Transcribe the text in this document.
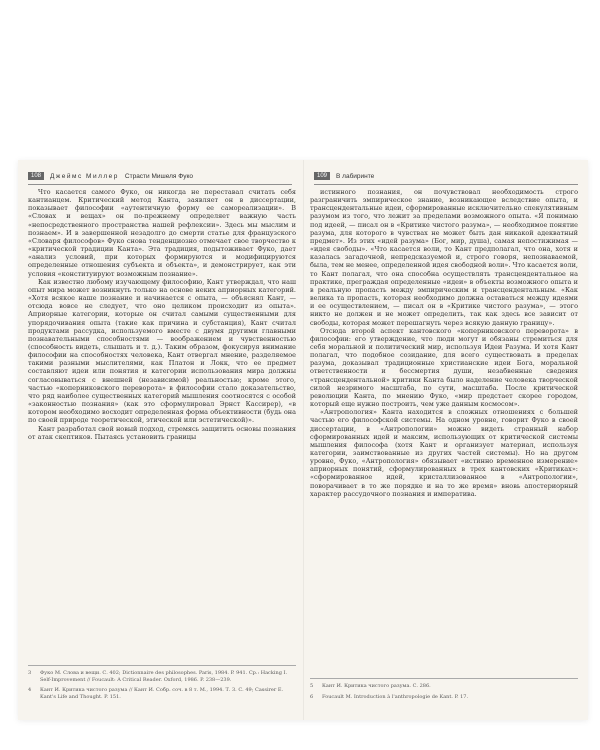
108	Джеймс Миллер Страсти Мишеля Фуко

Что касается самого Фуко, он никогда не переставал считать себя кантианцем. Критический метод Канта, заявляет он в диссертации, показывает философии «аутентичную форму ее самореализации». В «Словах и вещах» он по-прежнему определяет важную часть «непосредственного пространства нашей рефлексии». Здесь мы мыслим и познаем». И в завершенной незадолго до смерти статье для французского «Словаря философов» Фуко снова тенденциозно отмечает свое творчество к «критической традиции Канта». Эта традиция, подытоживает Фуко, дает «анализ условий, при которых формируются и модифицируются определенные отношения субъекта и объекта», и демонстрирует, как эти условия «конституируют возможным познание».

Как известно любому изучающему философию, Кант утверждал, что наш опыт мира может возникнуть только на основе неких априорных категорий. «Хотя всякое наше познание и начинается с опыта, — объяснял Кант, — отсюда вовсе не следует, что оно целиком происходит из опыта». Априорные категории, которые он считал самыми существенными для упорядочивания опыта (такие как причина и субстанция), Кант считал продуктами рассудка, используемого вместе с двумя другими главными познавательными способностями — воображением и чувственностью (способность видеть, слышать и т. д.). Таким образом, фокусируя внимание философии на способностях человека, Кант отвергал мнение, разделяемое такими разными мыслителями, как Платон и Локк, что ее предмет составляют идеи или понятия и категории использования мира должны согласовываться с внешней (независимой) реальностью; кроме этого, частью «коперниковского переворота» в философии стало доказательство, что ряд наиболее существенных категорий мышления соотносятся с особой «законностью познания» (как это сформулировал Эрнст Кассирер), «в котором необходимо восходит определенная форма объективности (будь она по своей природе теоретической, этической или эстетической)».

Кант разработал свой новый подход, стремясь защитить основы познания от атак скептиков. Пытаясь установить границы

3	Фуко М. Слова и вещи. С. 402; Dictionnaire des philosophes. Paris, 1984. P. 941. Cp.: Hacking I. Self-Improvement // Foucault: A Critical Reader. Oxford, 1986. P. 238—239.
4	Кант И. Критика чистого разума // Кант И. Собр. соч. в 8 т. М., 1994. Т. 3. С. 49; Cassirer E. Kant's Life and Thought. P. 151.
109	В лабиринте

истинного познания, он почувствовал необходимость строго разграничить эмпирическое знание, возникающее вследствие опыта, и трансцендентальные идеи, сформированные исключительно спекулятивным разумом из того, что лежит за пределами возможного опыта. «Я понимаю под идеей, — писал он в «Критике чистого разума», — необходимое понятие разума, для которого в чувствах не может быть дан никакой адекватный предмет». Из этих «идей разума» (Бог, мир, душа), самая непостижимая — «идея свободы». «Что касается воли, то Кант предполагал, что она, хотя и казалась загадочной, непредсказуемой и, строго говоря, непознаваемой, была, тем не менее, определенной идея свободной воли». Что касается воли, то Кант полагал, что она способна осуществлять трансцендентальное на практике, преграждая определенные «идеи» в объекты возможного опыта и в реальную пропасть между эмпирическим и трансцендентальным. «Как велика та пропасть, которая необходимо должна оставаться между идеями и ее осуществлением, — писал он в «Критике чистого разума», — этого никто не должен и не может определить, так как здесь все зависит от свободы, которая может перешагнуть через всякую данную границу».

Отсюда второй аспект кантовского «коперниковского переворота» в философии: его утверждение, что люди могут и обязаны стремиться для себя моральной и политический мир, используя Идеи Разума. И хотя Кант полагал, что подобное созидание, для всего существовать в пределах разума, доказывал традиционные христианские идеи Бога, моральной ответственности и бессмертия души, незабвенные сведения «трансцендентальной» критики Канта было наделение человека творческой силой незримого масштаба, по сути, масштаба. После критической революции Канта, по мнению Фуко, «мир предстает скорее городом, который еще нужно построить, чем уже данным космосом».

«Антропология» Канта находится в сложных отношениях с большей частью его философской системы. На одном уровне, говорит Фуко в своей диссертации, в «Антропологии» можно видеть странный набор сформированных идей и максим, использующих от критической системы мышления философа (хотя Кант и организует материал, используя категории, заимствованные из других частей системы). Но на другом уровне, Фуко, «Антропология» обязывает «истинно временное измерение» априорных понятий, сформулированных в трех кантовских «Критиках»: «сформированное идей, кристаллизованное в «Антропологии», поворачивает в то же порядке и на то же время» вновь апостериорный характер рассудочного познания и императива.

5	Кант И. Критика чистого разума. С. 286.
6	Foucault M. Introduction à l'anthropologie de Kant. P. 17.
